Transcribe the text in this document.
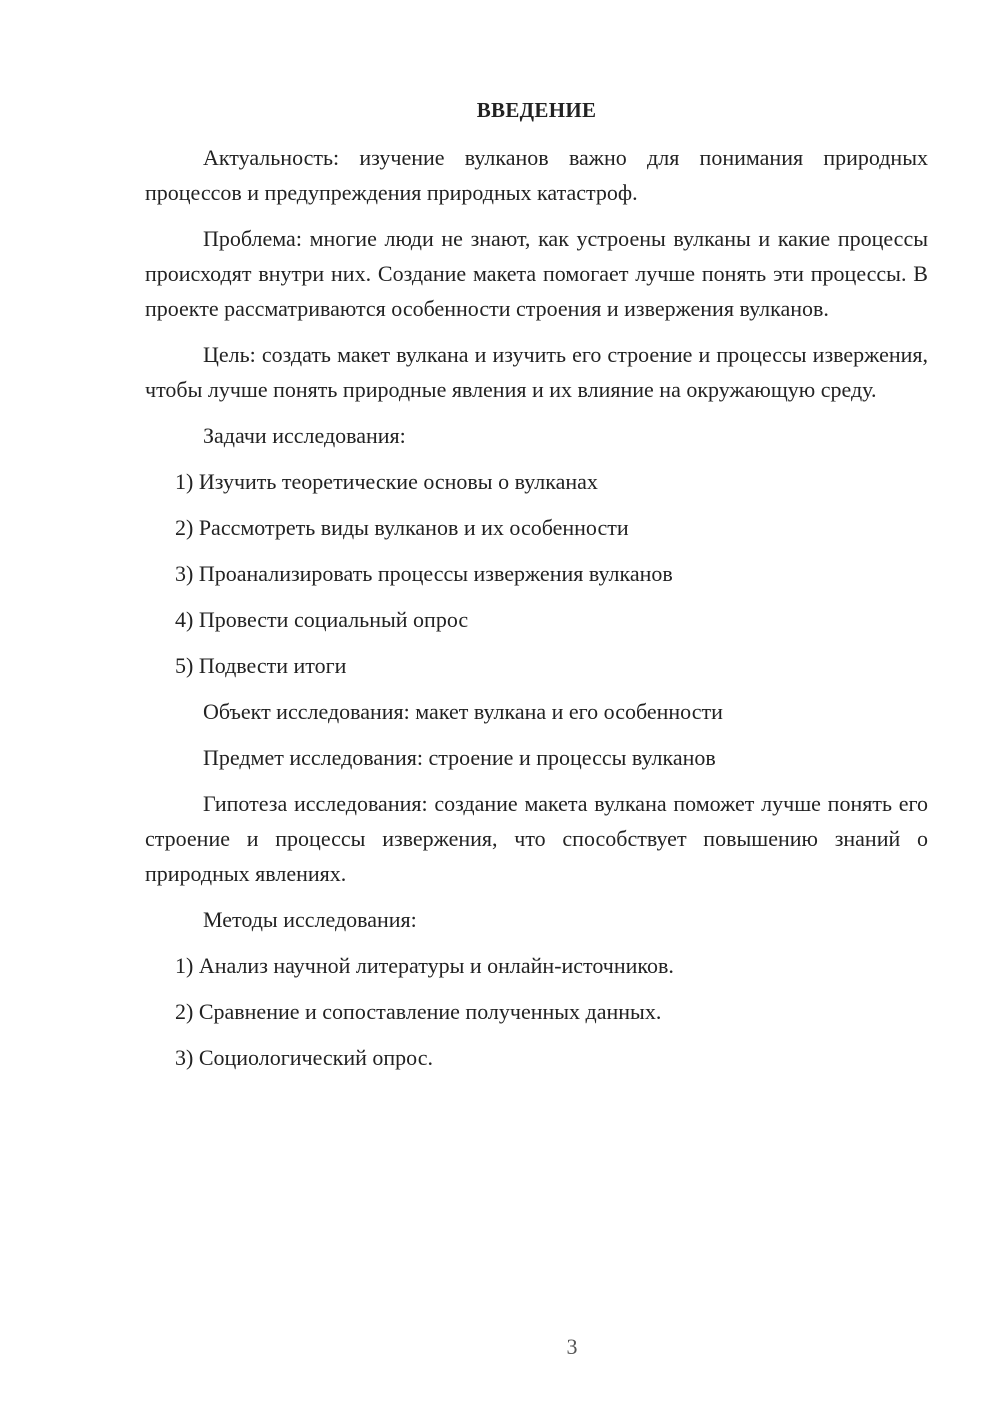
ВВЕДЕНИЕ

Актуальность: изучение вулканов важно для понимания природных процессов и предупреждения природных катастроф.

Проблема: многие люди не знают, как устроены вулканы и какие процессы происходят внутри них. Создание макета помогает лучше понять эти процессы. В проекте рассматриваются особенности строения и извержения вулканов.

Цель: создать макет вулкана и изучить его строение и процессы извержения, чтобы лучше понять природные явления и их влияние на окружающую среду.

Задачи исследования:

1) Изучить теоретические основы о вулканах
2) Рассмотреть виды вулканов и их особенности
3) Проанализировать процессы извержения вулканов
4) Провести социальный опрос
5) Подвести итоги

Объект исследования: макет вулкана и его особенности

Предмет исследования: строение и процессы вулканов

Гипотеза исследования: создание макета вулкана поможет лучше понять его строение и процессы извержения, что способствует повышению знаний о природных явлениях.

Методы исследования:

1) Анализ научной литературы и онлайн-источников.
2) Сравнение и сопоставление полученных данных.
3) Социологический опрос.
3
